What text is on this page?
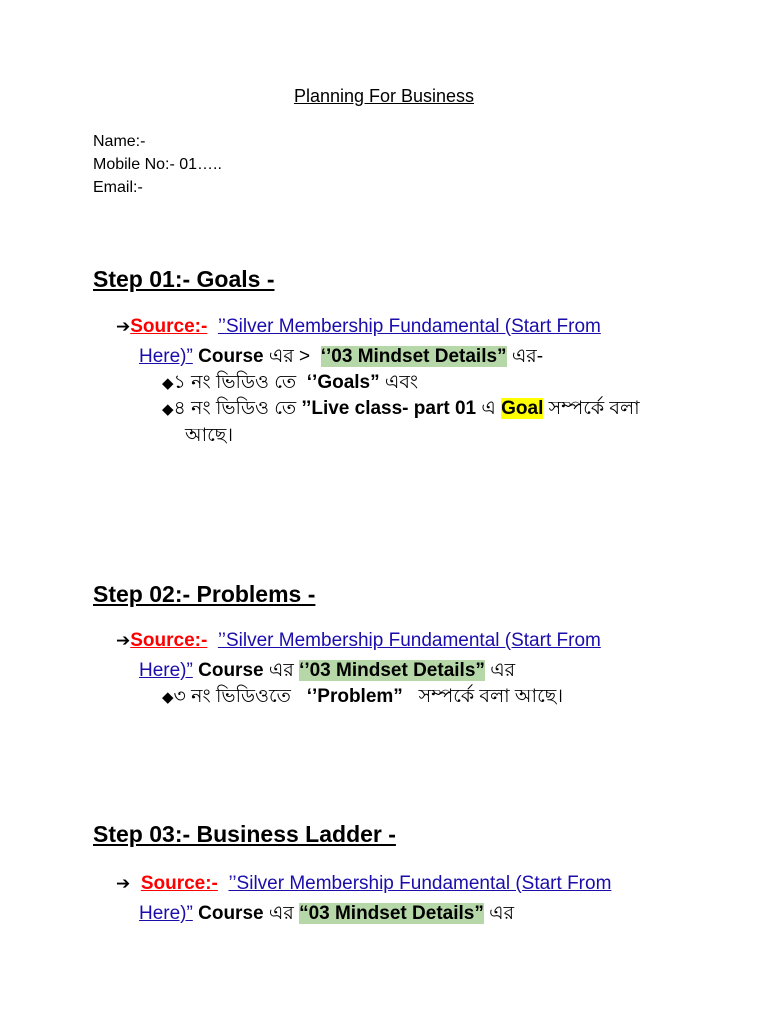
Planning For Business
Name:-
Mobile No:- 01…..
Email:-
Step 01:- Goals -
➔Source:- ’’Silver Membership Fundamental (Start From
Here)” Course এর > ‘’03 Mindset Details” এর-
◆১ নং ভিডিও তে ‘’Goals” এবং
◆৪ নং ভিডিও তে ’’Live class- part 01 এ Goal সম্পর্কে বলা
আছে।
Step 02:- Problems -
➔Source:- ’’Silver Membership Fundamental (Start From
Here)” Course এর ‘’03 Mindset Details” এর
◆৩ নং ভিডিওতে ‘’Problem” সম্পর্কে বলা আছে।
Step 03:- Business Ladder -
➔ Source:- ’’Silver Membership Fundamental (Start From
Here)” Course এর “03 Mindset Details” এর
